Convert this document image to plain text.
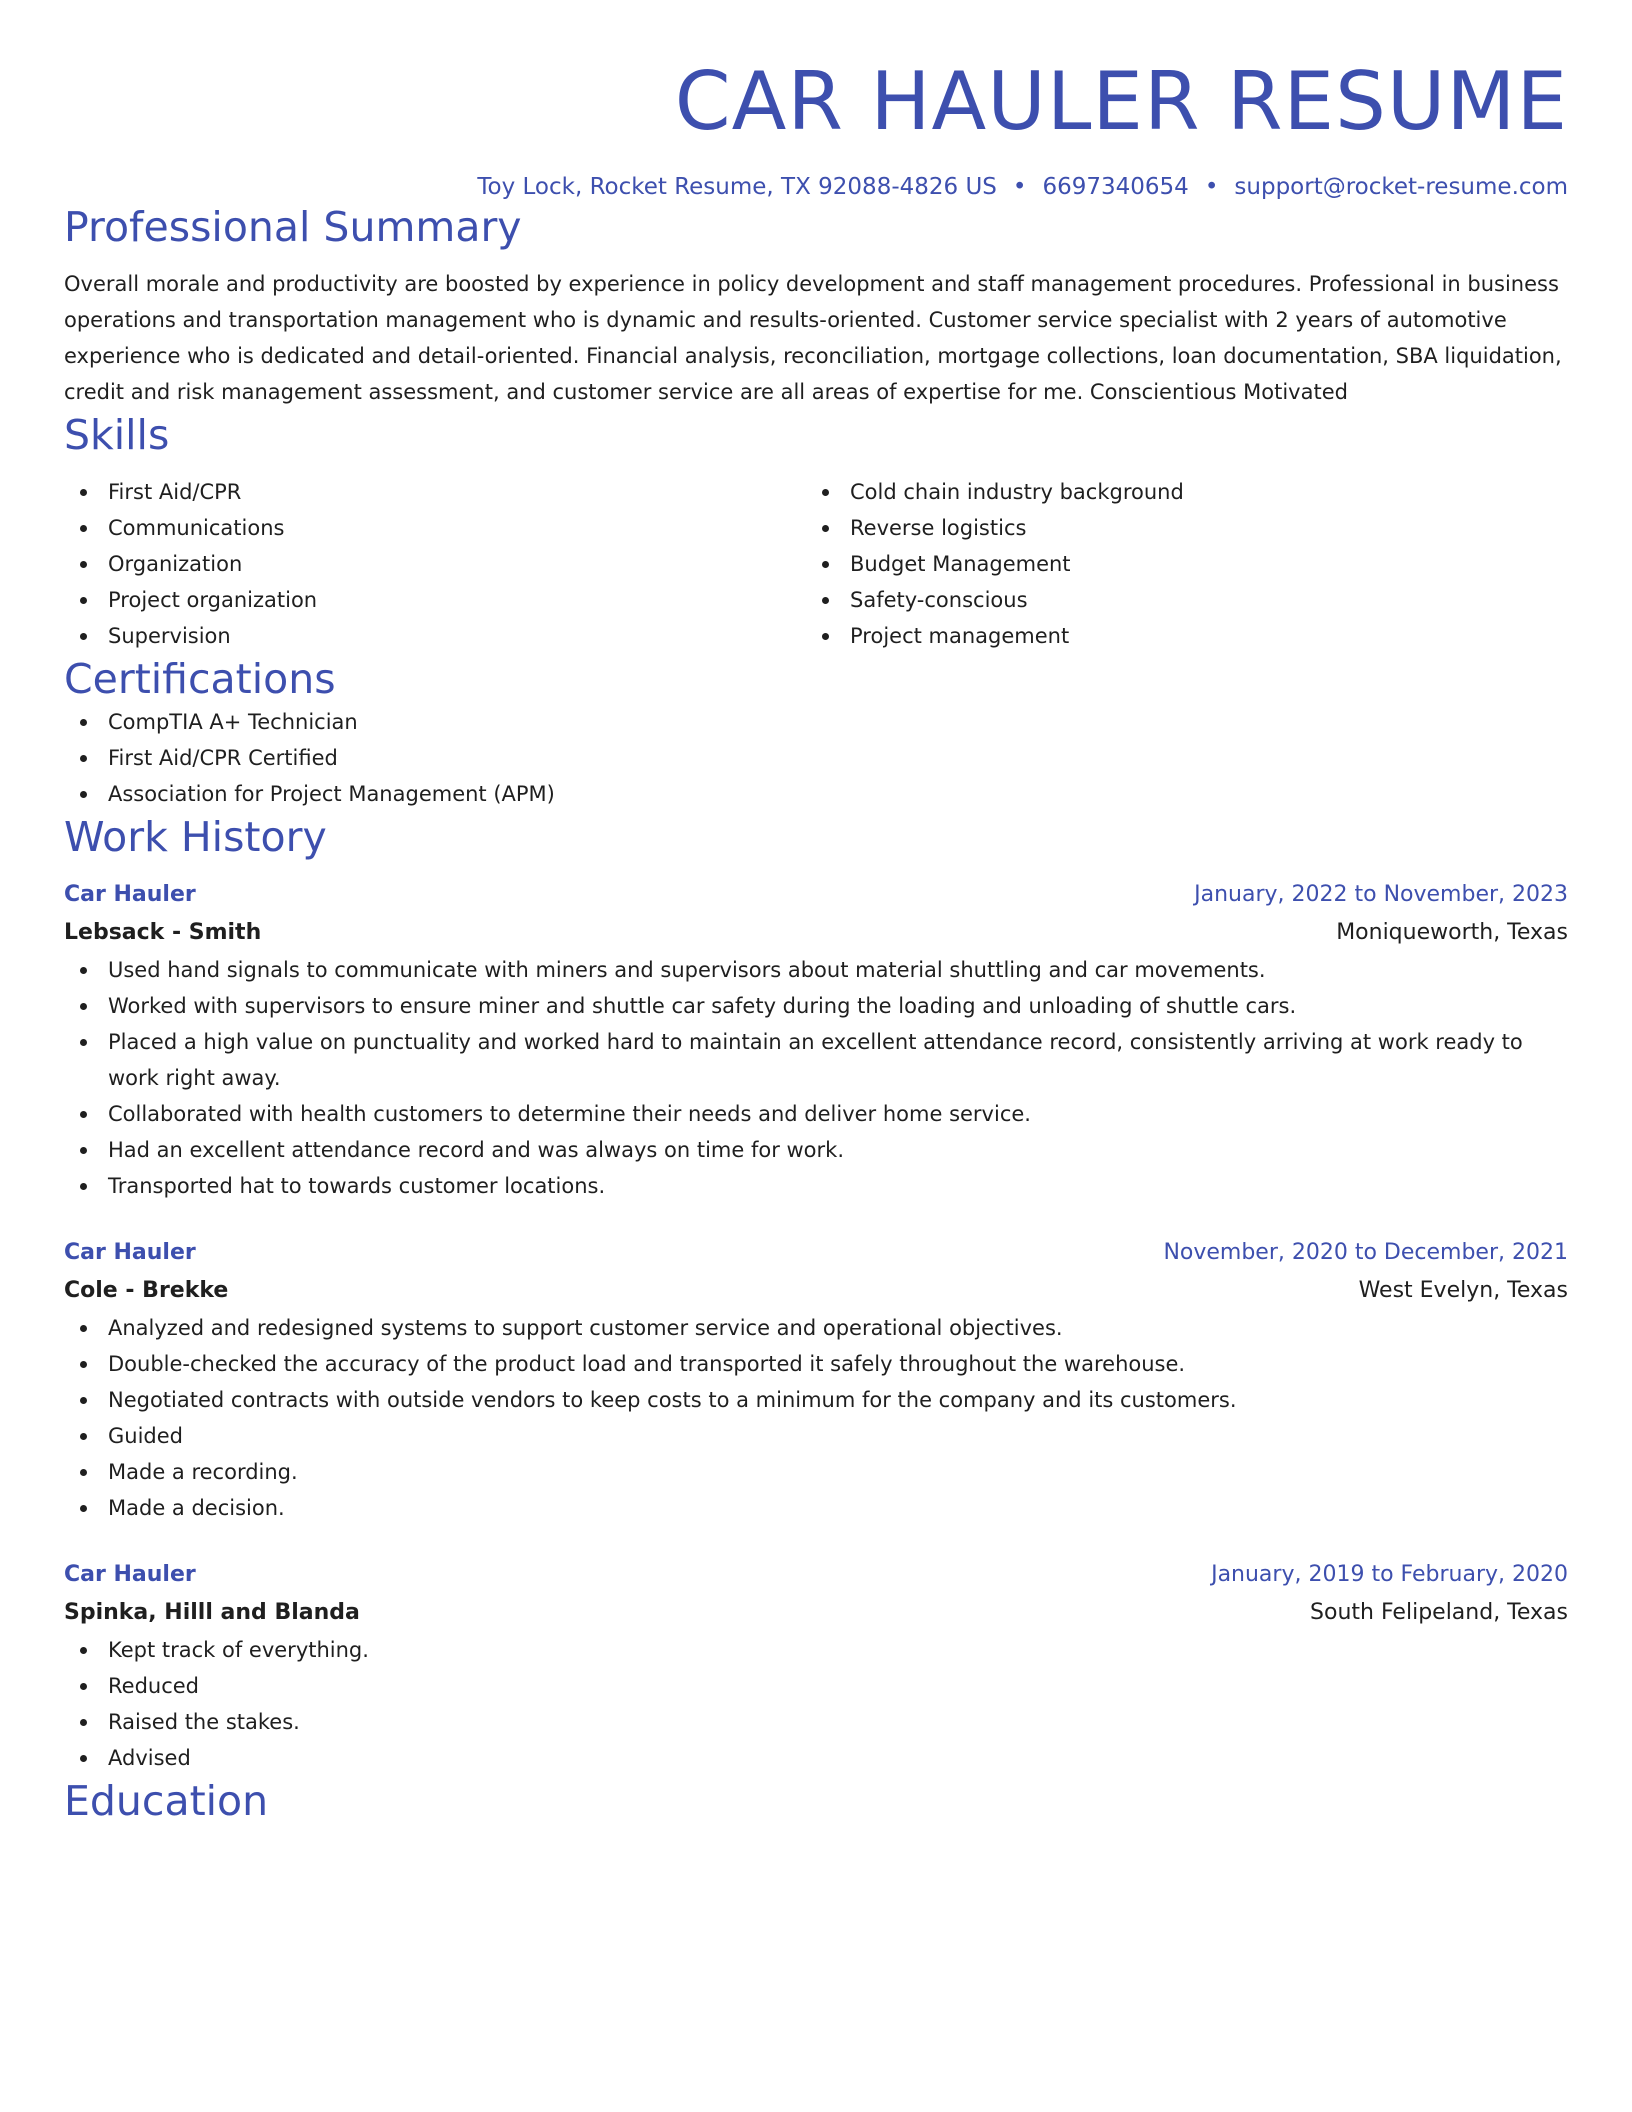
CAR HAULER RESUME
Toy Lock, Rocket Resume, TX 92088-4826 US • 6697340654 • support@rocket-resume.com
Professional Summary

Overall morale and productivity are boosted by experience in policy development and staff management procedures. Professional in business operations and transportation management who is dynamic and results-oriented. Customer service specialist with 2 years of automotive experience who is dedicated and detail-oriented. Financial analysis, reconciliation, mortgage collections, loan documentation, SBA liquidation, credit and risk management assessment, and customer service are all areas of expertise for me. Conscientious Motivated

Skills
First Aid/CPR
Communications
Organization
Project organization
Supervision
Cold chain industry background
Reverse logistics
Budget Management
Safety-conscious
Project management
Certifications
CompTIA A+ Technician
First Aid/CPR Certified
Association for Project Management (APM)
Work History
Car Hauler	January, 2022 to November, 2023
Lebsack - Smith	Moniqueworth, Texas
Used hand signals to communicate with miners and supervisors about material shuttling and car movements.
Worked with supervisors to ensure miner and shuttle car safety during the loading and unloading of shuttle cars.
Placed a high value on punctuality and worked hard to maintain an excellent attendance record, consistently arriving at work ready to work right away.
Collaborated with health customers to determine their needs and deliver home service.
Had an excellent attendance record and was always on time for work.
Transported hat to towards customer locations.
Car Hauler	November, 2020 to December, 2021
Cole - Brekke	West Evelyn, Texas
Analyzed and redesigned systems to support customer service and operational objectives.
Double-checked the accuracy of the product load and transported it safely throughout the warehouse.
Negotiated contracts with outside vendors to keep costs to a minimum for the company and its customers.
Guided
Made a recording.
Made a decision.
Car Hauler	January, 2019 to February, 2020
Spinka, Hilll and Blanda	South Felipeland, Texas
Kept track of everything.
Reduced
Raised the stakes.
Advised
Education
